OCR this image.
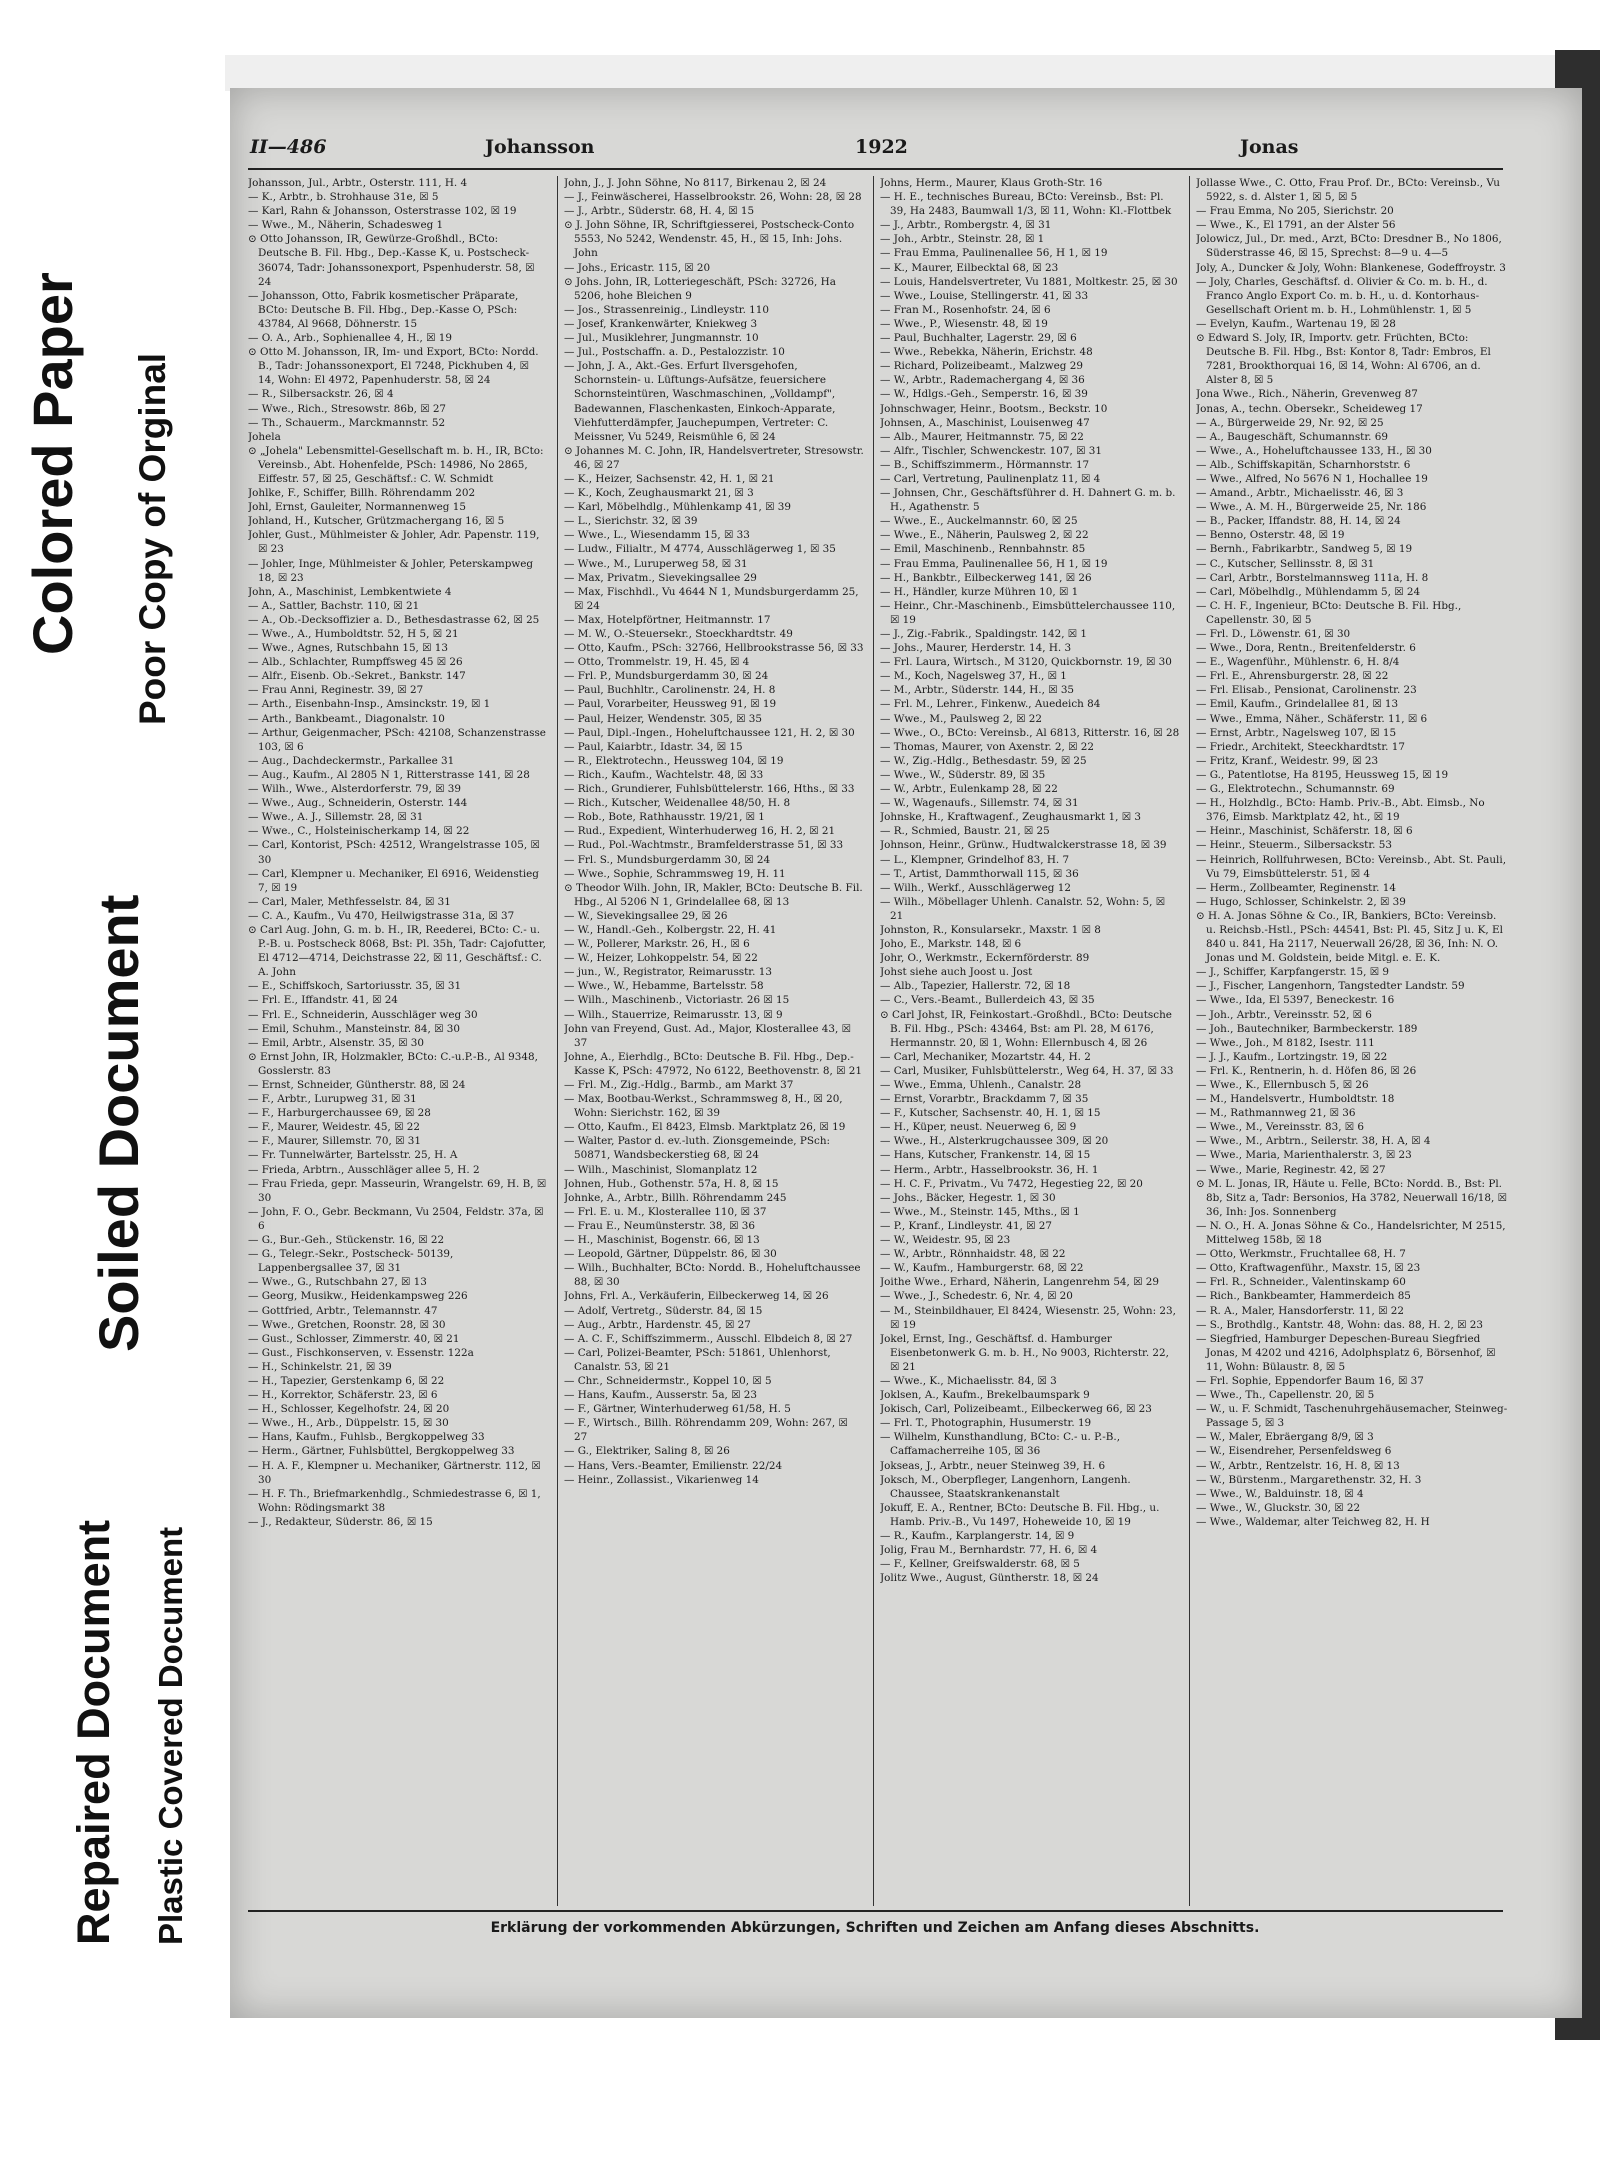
Colored Paper Poor Copy of Orginal
Soiled Document
Repaired Document Plastic Covered Document
II—486	Johansson	1922	Jonas

Johansson, Jul., Arbtr., Osterstr. 111, H. 4

— K., Arbtr., b. Strohhause 31e, ☒ 5

— Karl, Rahn & Johansson, Osterstrasse 102, ☒ 19

— Wwe., M., Näherin, Schadesweg 1

⊙ Otto Johansson, IR, Gewürze-Großhdl., BCto: Deutsche B. Fil. Hbg., Dep.-Kasse K, u. Postscheck- 36074, Tadr: Johanssonexport, Pspenhuderstr. 58, ☒ 24

— Johansson, Otto, Fabrik kosmetischer Präparate, BCto: Deutsche B. Fil. Hbg., Dep.-Kasse O, PSch: 43784, Al 9668, Döhnerstr. 15

— O. A., Arb., Sophienallee 4, H., ☒ 19

⊙ Otto M. Johansson, IR, Im- und Export, BCto: Nordd. B., Tadr: Johanssonexport, El 7248, Pickhuben 4, ☒ 14, Wohn: El 4972, Papenhuderstr. 58, ☒ 24

— R., Silbersackstr. 26, ☒ 4

— Wwe., Rich., Stresowstr. 86b, ☒ 27

— Th., Schauerm., Marckmannstr. 52

Johela

⊙ „Johela" Lebensmittel-Gesellschaft m. b. H., IR, BCto: Vereinsb., Abt. Hohenfelde, PSch: 14986, No 2865, Eiffestr. 57, ☒ 25, Geschäftsf.: C. W. Schmidt

Johlke, F., Schiffer, Billh. Röhrendamm 202

Johl, Ernst, Gauleiter, Normannenweg 15

Johland, H., Kutscher, Grützmachergang 16, ☒ 5

Johler, Gust., Mühlmeister & Johler, Adr. Papenstr. 119, ☒ 23

— Johler, Inge, Mühlmeister & Johler, Peterskampweg 18, ☒ 23

John, A., Maschinist, Lembkentwiete 4

— A., Sattler, Bachstr. 110, ☒ 21

— A., Ob.-Decksoffizier a. D., Bethesdastrasse 62, ☒ 25

— Wwe., A., Humboldtstr. 52, H 5, ☒ 21

— Wwe., Agnes, Rutschbahn 15, ☒ 13

— Alb., Schlachter, Rumpffsweg 45 ☒ 26

— Alfr., Eisenb. Ob.-Sekret., Bankstr. 147

— Frau Anni, Reginestr. 39, ☒ 27

— Arth., Eisenbahn-Insp., Amsinckstr. 19, ☒ 1

— Arth., Bankbeamt., Diagonalstr. 10

— Arthur, Geigenmacher, PSch: 42108, Schanzenstrasse 103, ☒ 6

— Aug., Dachdeckermstr., Parkallee 31

— Aug., Kaufm., Al 2805 N 1, Ritterstrasse 141, ☒ 28

— Wilh., Wwe., Alsterdorferstr. 79, ☒ 39

— Wwe., Aug., Schneiderin, Osterstr. 144

— Wwe., A. J., Sillemstr. 28, ☒ 31

— Wwe., C., Holsteinischerkamp 14, ☒ 22

— Carl, Kontorist, PSch: 42512, Wrangelstrasse 105, ☒ 30

— Carl, Klempner u. Mechaniker, El 6916, Weidenstieg 7, ☒ 19

— Carl, Maler, Methfesselstr. 84, ☒ 31

— C. A., Kaufm., Vu 470, Heilwigstrasse 31a, ☒ 37

⊙ Carl Aug. John, G. m. b. H., IR, Reederei, BCto: C.- u. P.-B. u. Postscheck 8068, Bst: Pl. 35h, Tadr: Cajofutter, El 4712—4714, Deichstrasse 22, ☒ 11, Geschäftsf.: C. A. John

— E., Schiffskoch, Sartoriusstr. 35, ☒ 31

— Frl. E., Iffandstr. 41, ☒ 24

— Frl. E., Schneiderin, Ausschläger weg 30

— Emil, Schuhm., Mansteinstr. 84, ☒ 30

— Emil, Arbtr., Alsenstr. 35, ☒ 30

⊙ Ernst John, IR, Holzmakler, BCto: C.-u.P.-B., Al 9348, Gosslerstr. 83

— Ernst, Schneider, Güntherstr. 88, ☒ 24

— F., Arbtr., Lurupweg 31, ☒ 31

— F., Harburgerchaussee 69, ☒ 28

— F., Maurer, Weidestr. 45, ☒ 22

— F., Maurer, Sillemstr. 70, ☒ 31

— Fr. Tunnelwärter, Bartelsstr. 25, H. A

— Frieda, Arbtrn., Ausschläger allee 5, H. 2

— Frau Frieda, gepr. Masseurin, Wrangelstr. 69, H. B, ☒ 30

— John, F. O., Gebr. Beckmann, Vu 2504, Feldstr. 37a, ☒ 6

— G., Bur.-Geh., Stückenstr. 16, ☒ 22

— G., Telegr.-Sekr., Postscheck- 50139, Lappenbergsallee 37, ☒ 31

— Wwe., G., Rutschbahn 27, ☒ 13

— Georg, Musikw., Heidenkampsweg 226

— Gottfried, Arbtr., Telemannstr. 47

— Wwe., Gretchen, Roonstr. 28, ☒ 30

— Gust., Schlosser, Zimmerstr. 40, ☒ 21

— Gust., Fischkonserven, v. Essenstr. 122a

— H., Schinkelstr. 21, ☒ 39

— H., Tapezier, Gerstenkamp 6, ☒ 22

— H., Korrektor, Schäferstr. 23, ☒ 6

— H., Schlosser, Kegelhofstr. 24, ☒ 20

— Wwe., H., Arb., Düppelstr. 15, ☒ 30

— Hans, Kaufm., Fuhlsb., Bergkoppelweg 33

— Herm., Gärtner, Fuhlsbüttel, Bergkoppelweg 33

— H. A. F., Klempner u. Mechaniker, Gärtnerstr. 112, ☒ 30

— H. F. Th., Briefmarkenhdlg., Schmiedestrasse 6, ☒ 1, Wohn: Rödingsmarkt 38

— J., Redakteur, Süderstr. 86, ☒ 15

John, J., J. John Söhne, No 8117, Birkenau 2, ☒ 24

— J., Feinwäscherei, Hasselbrookstr. 26, Wohn: 28, ☒ 28

— J., Arbtr., Süderstr. 68, H. 4, ☒ 15

⊙ J. John Söhne, IR, Schriftgiesserei, Postscheck-Conto 5553, No 5242, Wendenstr. 45, H., ☒ 15, Inh: Johs. John

— Johs., Ericastr. 115, ☒ 20

⊙ Johs. John, IR, Lotteriegeschäft, PSch: 32726, Ha 5206, hohe Bleichen 9

— Jos., Strassenreinig., Lindleystr. 110

— Josef, Krankenwärter, Kniekweg 3

— Jul., Musiklehrer, Jungmannstr. 10

— Jul., Postschaffn. a. D., Pestalozzistr. 10

— John, J. A., Akt.-Ges. Erfurt Ilversgehofen, Schornstein- u. Lüftungs-Aufsätze, feuersichere Schornsteintüren, Waschmaschinen, „Volldampf", Badewannen, Flaschenkasten, Einkoch-Apparate, Viehfutterdämpfer, Jauchepumpen, Vertreter: C. Meissner, Vu 5249, Reismühle 6, ☒ 24

⊙ Johannes M. C. John, IR, Handelsvertreter, Stresowstr. 46, ☒ 27

— K., Heizer, Sachsenstr. 42, H. 1, ☒ 21

— K., Koch, Zeughausmarkt 21, ☒ 3

— Karl, Möbelhdlg., Mühlenkamp 41, ☒ 39

— L., Sierichstr. 32, ☒ 39

— Wwe., L., Wiesendamm 15, ☒ 33

— Ludw., Filialtr., M 4774, Ausschlägerweg 1, ☒ 35

— Wwe., M., Luruperweg 58, ☒ 31

— Max, Privatm., Sievekingsallee 29

— Max, Fischhdl., Vu 4644 N 1, Mundsburgerdamm 25, ☒ 24

— Max, Hotelpförtner, Heitmannstr. 17

— M. W., O.-Steuersekr., Stoeckhardtstr. 49

— Otto, Kaufm., PSch: 32766, Hellbrookstrasse 56, ☒ 33

— Otto, Trommelstr. 19, H. 45, ☒ 4

— Frl. P., Mundsburgerdamm 30, ☒ 24

— Paul, Buchhltr., Carolinenstr. 24, H. 8

— Paul, Vorarbeiter, Heussweg 91, ☒ 19

— Paul, Heizer, Wendenstr. 305, ☒ 35

— Paul, Dipl.-Ingen., Hoheluftchaussee 121, H. 2, ☒ 30

— Paul, Kaiarbtr., Idastr. 34, ☒ 15

— R., Elektrotechn., Heussweg 104, ☒ 19

— Rich., Kaufm., Wachtelstr. 48, ☒ 33

— Rich., Grundierer, Fuhlsbüttelerstr. 166, Hths., ☒ 33

— Rich., Kutscher, Weidenallee 48/50, H. 8

— Rob., Bote, Rathhausstr. 19/21, ☒ 1

— Rud., Expedient, Winterhuderweg 16, H. 2, ☒ 21

— Rud., Pol.-Wachtmstr., Bramfelderstrasse 51, ☒ 33

— Frl. S., Mundsburgerdamm 30, ☒ 24

— Wwe., Sophie, Schrammsweg 19, H. 11

⊙ Theodor Wilh. John, IR, Makler, BCto: Deutsche B. Fil. Hbg., Al 5206 N 1, Grindelallee 68, ☒ 13

— W., Sievekingsallee 29, ☒ 26

— W., Handl.-Geh., Kolbergstr. 22, H. 41

— W., Pollerer, Markstr. 26, H., ☒ 6

— W., Heizer, Lohkoppelstr. 54, ☒ 22

— jun., W., Registrator, Reimarusstr. 13

— Wwe., W., Hebamme, Bartelsstr. 58

— Wilh., Maschinenb., Victoriastr. 26 ☒ 15

— Wilh., Stauerrize, Reimarusstr. 13, ☒ 9

John van Freyend, Gust. Ad., Major, Klosterallee 43, ☒ 37

Johne, A., Eierhdlg., BCto: Deutsche B. Fil. Hbg., Dep.-Kasse K, PSch: 47972, No 6122, Beethovenstr. 8, ☒ 21

— Frl. M., Zig.-Hdlg., Barmb., am Markt 37

— Max, Bootbau-Werkst., Schrammsweg 8, H., ☒ 20, Wohn: Sierichstr. 162, ☒ 39

— Otto, Kaufm., El 8423, Elmsb. Marktplatz 26, ☒ 19

— Walter, Pastor d. ev.-luth. Zionsgemeinde, PSch: 50871, Wandsbeckerstieg 68, ☒ 24

— Wilh., Maschinist, Slomanplatz 12

Johnen, Hub., Gothenstr. 57a, H. 8, ☒ 15

Johnke, A., Arbtr., Billh. Röhrendamm 245

— Frl. E. u. M., Klosterallee 110, ☒ 37

— Frau E., Neumünsterstr. 38, ☒ 36

— H., Maschinist, Bogenstr. 66, ☒ 13

— Leopold, Gärtner, Düppelstr. 86, ☒ 30

— Wilh., Buchhalter, BCto: Nordd. B., Hoheluftchaussee 88, ☒ 30

Johns, Frl. A., Verkäuferin, Eilbeckerweg 14, ☒ 26

— Adolf, Vertretg., Süderstr. 84, ☒ 15

— Aug., Arbtr., Hardenstr. 45, ☒ 27

— A. C. F., Schiffszimmerm., Ausschl. Elbdeich 8, ☒ 27

— Carl, Polizei-Beamter, PSch: 51861, Uhlenhorst, Canalstr. 53, ☒ 21

— Chr., Schneidermstr., Koppel 10, ☒ 5

— Hans, Kaufm., Ausserstr. 5a, ☒ 23

— F., Gärtner, Winterhuderweg 61/58, H. 5

— F., Wirtsch., Billh. Röhrendamm 209, Wohn: 267, ☒ 27

— G., Elektriker, Saling 8, ☒ 26

— Hans, Vers.-Beamter, Emilienstr. 22/24

— Heinr., Zollassist., Vikarienweg 14

Johns, Herm., Maurer, Klaus Groth-Str. 16

— H. E., technisches Bureau, BCto: Vereinsb., Bst: Pl. 39, Ha 2483, Baumwall 1/3, ☒ 11, Wohn: Kl.-Flottbek

— J., Arbtr., Rombergstr. 4, ☒ 31

— Joh., Arbtr., Steinstr. 28, ☒ 1

— Frau Emma, Paulinenallee 56, H 1, ☒ 19

— K., Maurer, Eilbecktal 68, ☒ 23

— Louis, Handelsvertreter, Vu 1881, Moltkestr. 25, ☒ 30

— Wwe., Louise, Stellingerstr. 41, ☒ 33

— Fran M., Rosenhofstr. 24, ☒ 6

— Wwe., P., Wiesenstr. 48, ☒ 19

— Paul, Buchhalter, Lagerstr. 29, ☒ 6

— Wwe., Rebekka, Näherin, Erichstr. 48

— Richard, Polizeibeamt., Malzweg 29

— W., Arbtr., Rademachergang 4, ☒ 36

— W., Hdlgs.-Geh., Semperstr. 16, ☒ 39

Johnschwager, Heinr., Bootsm., Beckstr. 10

Johnsen, A., Maschinist, Louisenweg 47

— Alb., Maurer, Heitmannstr. 75, ☒ 22

— Alfr., Tischler, Schwenckestr. 107, ☒ 31

— B., Schiffszimmerm., Hörmannstr. 17

— Carl, Vertretung, Paulinenplatz 11, ☒ 4

— Johnsen, Chr., Geschäftsführer d. H. Dahnert G. m. b. H., Agathenstr. 5

— Wwe., E., Auckelmannstr. 60, ☒ 25

— Wwe., E., Näherin, Paulsweg 2, ☒ 22

— Emil, Maschinenb., Rennbahnstr. 85

— Frau Emma, Paulinenallee 56, H 1, ☒ 19

— H., Bankbtr., Eilbeckerweg 141, ☒ 26

— H., Händler, kurze Mühren 10, ☒ 1

— Heinr., Chr.-Maschinenb., Eimsbüttelerchaussee 110, ☒ 19

— J., Zig.-Fabrik., Spaldingstr. 142, ☒ 1

— Johs., Maurer, Herderstr. 14, H. 3

— Frl. Laura, Wirtsch., M 3120, Quickbornstr. 19, ☒ 30

— M., Koch, Nagelsweg 37, H., ☒ 1

— M., Arbtr., Süderstr. 144, H., ☒ 35

— Frl. M., Lehrer., Finkenw., Auedeich 84

— Wwe., M., Paulsweg 2, ☒ 22

— Wwe., O., BCto: Vereinsb., Al 6813, Ritterstr. 16, ☒ 28

— Thomas, Maurer, von Axenstr. 2, ☒ 22

— W., Zig.-Hdlg., Bethesdastr. 59, ☒ 25

— Wwe., W., Süderstr. 89, ☒ 35

— W., Arbtr., Eulenkamp 28, ☒ 22

— W., Wagenaufs., Sillemstr. 74, ☒ 31

Johnske, H., Kraftwagenf., Zeughausmarkt 1, ☒ 3

— R., Schmied, Baustr. 21, ☒ 25

Johnson, Heinr., Grünw., Hudtwalckerstrasse 18, ☒ 39

— L., Klempner, Grindelhof 83, H. 7

— T., Artist, Dammthorwall 115, ☒ 36

— Wilh., Werkf., Ausschlägerweg 12

— Wilh., Möbellager Uhlenh. Canalstr. 52, Wohn: 5, ☒ 21

Johnston, R., Konsularsekr., Maxstr. 1 ☒ 8

Joho, E., Markstr. 148, ☒ 6

Johr, O., Werkmstr., Eckernförderstr. 89

Johst siehe auch Joost u. Jost

— Alb., Tapezier, Hallerstr. 72, ☒ 18

— C., Vers.-Beamt., Bullerdeich 43, ☒ 35

⊙ Carl Johst, IR, Feinkostart.-Großhdl., BCto: Deutsche B. Fil. Hbg., PSch: 43464, Bst: am Pl. 28, M 6176, Hermannstr. 20, ☒ 1, Wohn: Ellernbusch 4, ☒ 26

— Carl, Mechaniker, Mozartstr. 44, H. 2

— Carl, Musiker, Fuhlsbüttelerstr., Weg 64, H. 37, ☒ 33

— Wwe., Emma, Uhlenh., Canalstr. 28

— Ernst, Vorarbtr., Brackdamm 7, ☒ 35

— F., Kutscher, Sachsenstr. 40, H. 1, ☒ 15

— H., Küper, neust. Neuerweg 6, ☒ 9

— Wwe., H., Alsterkrugchaussee 309, ☒ 20

— Hans, Kutscher, Frankenstr. 14, ☒ 15

— Herm., Arbtr., Hasselbrookstr. 36, H. 1

— H. C. F., Privatm., Vu 7472, Hegestieg 22, ☒ 20

— Johs., Bäcker, Hegestr. 1, ☒ 30

— Wwe., M., Steinstr. 145, Mths., ☒ 1

— P., Kranf., Lindleystr. 41, ☒ 27

— W., Weidestr. 95, ☒ 23

— W., Arbtr., Rönnhaidstr. 48, ☒ 22

— W., Kaufm., Hamburgerstr. 68, ☒ 22

Joithe Wwe., Erhard, Näherin, Langenrehm 54, ☒ 29

— Wwe., J., Schedestr. 6, Nr. 4, ☒ 20

— M., Steinbildhauer, El 8424, Wiesenstr. 25, Wohn: 23, ☒ 19

Jokel, Ernst, Ing., Geschäftsf. d. Hamburger Eisenbetonwerk G. m. b. H., No 9003, Richterstr. 22, ☒ 21

— Wwe., K., Michaelisstr. 84, ☒ 3

Joklsen, A., Kaufm., Brekelbaumspark 9

Jokisch, Carl, Polizeibeamt., Eilbeckerweg 66, ☒ 23

— Frl. T., Photographin, Husumerstr. 19

— Wilhelm, Kunsthandlung, BCto: C.- u. P.-B., Caffamacherreihe 105, ☒ 36

Jokseas, J., Arbtr., neuer Steinweg 39, H. 6

Joksch, M., Oberpfleger, Langenhorn, Langenh. Chaussee, Staatskrankenanstalt

Jokuff, E. A., Rentner, BCto: Deutsche B. Fil. Hbg., u. Hamb. Priv.-B., Vu 1497, Hoheweide 10, ☒ 19

— R., Kaufm., Karplangerstr. 14, ☒ 9

Jolig, Frau M., Bernhardstr. 77, H. 6, ☒ 4

— F., Kellner, Greifswalderstr. 68, ☒ 5

Jolitz Wwe., August, Güntherstr. 18, ☒ 24

Jollasse Wwe., C. Otto, Frau Prof. Dr., BCto: Vereinsb., Vu 5922, s. d. Alster 1, ☒ 5, ☒ 5

— Frau Emma, No 205, Sierichstr. 20

— Wwe., K., El 1791, an der Alster 56

Jolowicz, Jul., Dr. med., Arzt, BCto: Dresdner B., No 1806, Süderstrasse 46, ☒ 15, Sprechst: 8—9 u. 4—5

Joly, A., Duncker & Joly, Wohn: Blankenese, Godeffroystr. 3

— Joly, Charles, Geschäftsf. d. Olivier & Co. m. b. H., d. Franco Anglo Export Co. m. b. H., u. d. Kontorhaus-Gesellschaft Orient m. b. H., Lohmühlenstr. 1, ☒ 5

— Evelyn, Kaufm., Wartenau 19, ☒ 28

⊙ Edward S. Joly, IR, Importv. getr. Früchten, BCto: Deutsche B. Fil. Hbg., Bst: Kontor 8, Tadr: Embros, El 7281, Brookthorquai 16, ☒ 14, Wohn: Al 6706, an d. Alster 8, ☒ 5

Jona Wwe., Rich., Näherin, Grevenweg 87

Jonas, A., techn. Obersekr., Scheideweg 17

— A., Bürgerweide 29, Nr. 92, ☒ 25

— A., Baugeschäft, Schumannstr. 69

— Wwe., A., Hoheluftchaussee 133, H., ☒ 30

— Alb., Schiffskapitän, Scharnhorststr. 6

— Wwe., Alfred, No 5676 N 1, Hochallee 19

— Amand., Arbtr., Michaelisstr. 46, ☒ 3

— Wwe., A. M. H., Bürgerweide 25, Nr. 186

— B., Packer, Iffandstr. 88, H. 14, ☒ 24

— Benno, Osterstr. 48, ☒ 19

— Bernh., Fabrikarbtr., Sandweg 5, ☒ 19

— C., Kutscher, Sellinsstr. 8, ☒ 31

— Carl, Arbtr., Borstelmannsweg 111a, H. 8

— Carl, Möbelhdlg., Mühlendamm 5, ☒ 24

— C. H. F., Ingenieur, BCto: Deutsche B. Fil. Hbg., Capellenstr. 30, ☒ 5

— Frl. D., Löwenstr. 61, ☒ 30

— Wwe., Dora, Rentn., Breitenfelderstr. 6

— E., Wagenführ., Mühlenstr. 6, H. 8/4

— Frl. E., Ahrensburgerstr. 28, ☒ 22

— Frl. Elisab., Pensionat, Carolinenstr. 23

— Emil, Kaufm., Grindelallee 81, ☒ 13

— Wwe., Emma, Näher., Schäferstr. 11, ☒ 6

— Ernst, Arbtr., Nagelsweg 107, ☒ 15

— Friedr., Architekt, Steeckhardtstr. 17

— Fritz, Kranf., Weidestr. 99, ☒ 23

— G., Patentlotse, Ha 8195, Heussweg 15, ☒ 19

— G., Elektrotechn., Schumannstr. 69

— H., Holzhdlg., BCto: Hamb. Priv.-B., Abt. Eimsb., No 376, Eimsb. Marktplatz 42, ht., ☒ 19

— Heinr., Maschinist, Schäferstr. 18, ☒ 6

— Heinr., Steuerm., Silbersackstr. 53

— Heinrich, Rollfuhrwesen, BCto: Vereinsb., Abt. St. Pauli, Vu 79, Eimsbüttelerstr. 51, ☒ 4

— Herm., Zollbeamter, Reginenstr. 14

— Hugo, Schlosser, Schinkelstr. 2, ☒ 39

⊙ H. A. Jonas Söhne & Co., IR, Bankiers, BCto: Vereinsb. u. Reichsb.-Hstl., PSch: 44541, Bst: Pl. 45, Sitz J u. K, El 840 u. 841, Ha 2117, Neuerwall 26/28, ☒ 36, Inh: N. O. Jonas und M. Goldstein, beide Mitgl. e. E. K.

— J., Schiffer, Karpfangerstr. 15, ☒ 9

— J., Fischer, Langenhorn, Tangstedter Landstr. 59

— Wwe., Ida, El 5397, Beneckestr. 16

— Joh., Arbtr., Vereinsstr. 52, ☒ 6

— Joh., Bautechniker, Barmbeckerstr. 189

— Wwe., Joh., M 8182, Isestr. 111

— J. J., Kaufm., Lortzingstr. 19, ☒ 22

— Frl. K., Rentnerin, h. d. Höfen 86, ☒ 26

— Wwe., K., Ellernbusch 5, ☒ 26

— M., Handelsvertr., Humboldtstr. 18

— M., Rathmannweg 21, ☒ 36

— Wwe., M., Vereinsstr. 83, ☒ 6

— Wwe., M., Arbtrn., Seilerstr. 38, H. A, ☒ 4

— Wwe., Maria, Marienthalerstr. 3, ☒ 23

— Wwe., Marie, Reginestr. 42, ☒ 27

⊙ M. L. Jonas, IR, Häute u. Felle, BCto: Nordd. B., Bst: Pl. 8b, Sitz a, Tadr: Bersonios, Ha 3782, Neuerwall 16/18, ☒ 36, Inh: Jos. Sonnenberg

— N. O., H. A. Jonas Söhne & Co., Handelsrichter, M 2515, Mittelweg 158b, ☒ 18

— Otto, Werkmstr., Fruchtallee 68, H. 7

— Otto, Kraftwagenführ., Maxstr. 15, ☒ 23

— Frl. R., Schneider., Valentinskamp 60

— Rich., Bankbeamter, Hammerdeich 85

— R. A., Maler, Hansdorferstr. 11, ☒ 22

— S., Brothdlg., Kantstr. 48, Wohn: das. 88, H. 2, ☒ 23

— Siegfried, Hamburger Depeschen-Bureau Siegfried Jonas, M 4202 und 4216, Adolphsplatz 6, Börsenhof, ☒ 11, Wohn: Bülaustr. 8, ☒ 5

— Frl. Sophie, Eppendorfer Baum 16, ☒ 37

— Wwe., Th., Capellenstr. 20, ☒ 5

— W., u. F. Schmidt, Taschenuhrgehäusemacher, Steinweg-Passage 5, ☒ 3

— W., Maler, Ebräergang 8/9, ☒ 3

— W., Eisendreher, Persenfeldsweg 6

— W., Arbtr., Rentzelstr. 16, H. 8, ☒ 13

— W., Bürstenm., Margarethenstr. 32, H. 3

— Wwe., W., Balduinstr. 18, ☒ 4

— Wwe., W., Gluckstr. 30, ☒ 22

— Wwe., Waldemar, alter Teichweg 82, H. H

Erklärung der vorkommenden Abkürzungen, Schriften und Zeichen am Anfang dieses Abschnitts.
